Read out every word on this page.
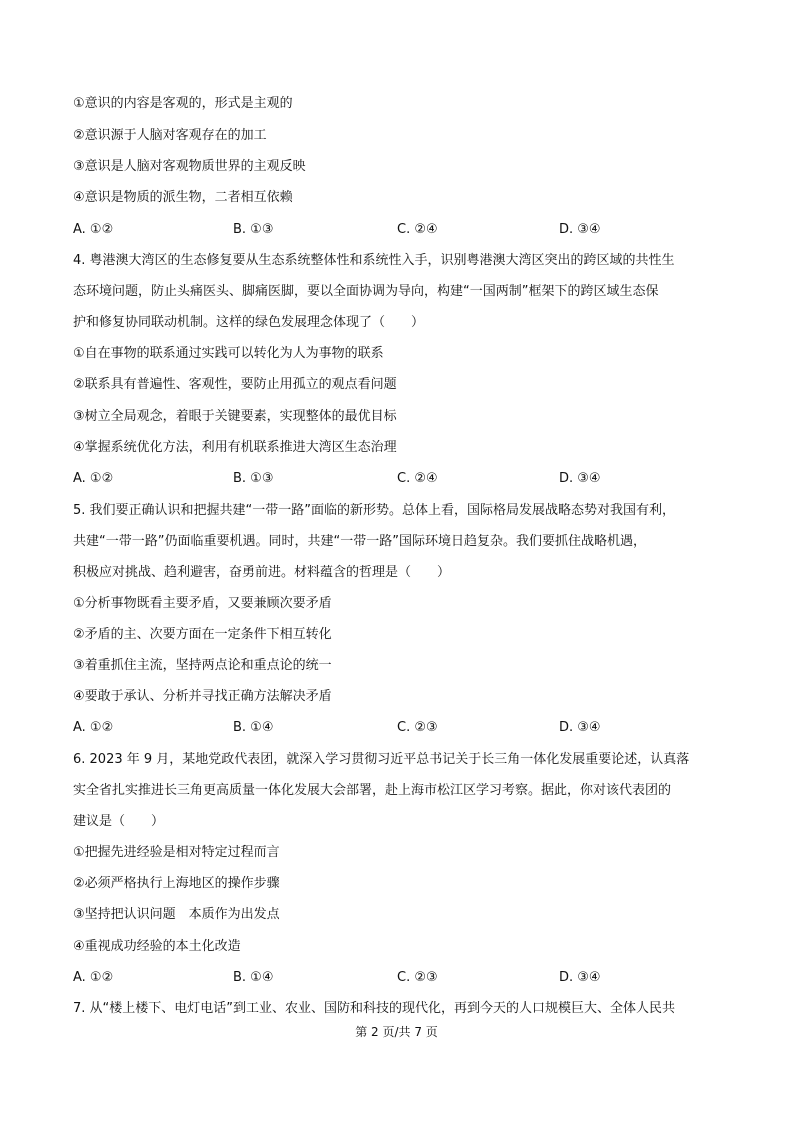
①意识的内容是客观的，形式是主观的
②意识源于人脑对客观存在的加工
③意识是人脑对客观物质世界的主观反映
④意识是物质的派生物，二者相互依赖
A. ①②	B. ①③	C. ②④	D. ③④
4. 粤港澳大湾区的生态修复要从生态系统整体性和系统性入手，识别粤港澳大湾区突出的跨区域的共性生
态环境问题，防止头痛医头、脚痛医脚，要以全面协调为导向，构建“一国两制”框架下的跨区域生态保
护和修复协同联动机制。这样的绿色发展理念体现了（　　）
①自在事物的联系通过实践可以转化为人为事物的联系
②联系具有普遍性、客观性，要防止用孤立的观点看问题
③树立全局观念，着眼于关键要素，实现整体的最优目标
④掌握系统优化方法，利用有机联系推进大湾区生态治理
A. ①②	B. ①③	C. ②④	D. ③④
5. 我们要正确认识和把握共建“一带一路”面临的新形势。总体上看，国际格局发展战略态势对我国有利，
共建“一带一路”仍面临重要机遇。同时，共建“一带一路”国际环境日趋复杂。我们要抓住战略机遇，
积极应对挑战、趋利避害，奋勇前进。材料蕴含的哲理是（　　）
①分析事物既看主要矛盾，又要兼顾次要矛盾
②矛盾的主、次要方面在一定条件下相互转化
③着重抓住主流，坚持两点论和重点论的统一
④要敢于承认、分析并寻找正确方法解决矛盾
A. ①②	B. ①④	C. ②③	D. ③④
6. 2023 年 9 月，某地党政代表团，就深入学习贯彻习近平总书记关于长三角一体化发展重要论述，认真落
实全省扎实推进长三角更高质量一体化发展大会部署，赴上海市松江区学习考察。据此，你对该代表团的
建议是（　　）
①把握先进经验是相对特定过程而言
②必须严格执行上海地区的操作步骤
③坚持把认识问题　本质作为出发点
④重视成功经验的本土化改造
A. ①②	B. ①④	C. ②③	D. ③④
7. 从“楼上楼下、电灯电话”到工业、农业、国防和科技的现代化，再到今天的人口规模巨大、全体人民共
第 2 页/共 7 页
